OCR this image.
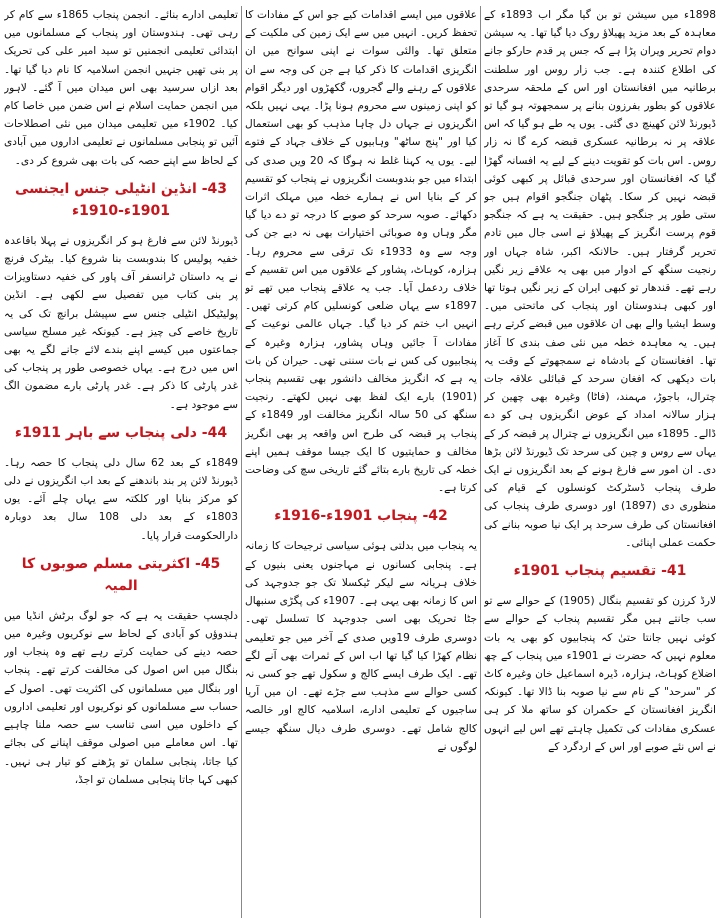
1898ء میں سیشن تو بن گیا مگر اب 1893ء کے معاہدہ کے بعد مزید پھیلاؤ روک دیا گیا تھا۔ یہ سیشن دوام تحریر ویران پڑا ہے کہ جس پر قدم حارکو جانے کی اطلاع کنندہ ہے۔ جب زار روس اور سلطنت برطانیہ میں افغانستان اور اس کے ملحقہ سرحدی علاقوں کو بطور بفرزون بنانے پر سمجھوتہ ہو گیا تو ڈیورنڈ لائن کھینچ دی گئی۔ یوں یہ طے ہو گیا کہ اس علاقہ پر نہ برطانیہ عسکری قبضہ کرے گا نہ زار روس۔ اس بات کو تقویت دینے کے لیے یہ افسانہ گھڑا گیا کہ افغانستان اور سرحدی قبائل پر کبھی کوئی قبضہ نہیں کر سکا۔ پٹھان جنگجو اقوام ہیں جو ستی طور پر جنگجو ہیں۔ حقیقت یہ ہے کہ جنگجو قوم پرست انگریز کے پھیلاؤ نے اسی جال میں تادم تحریر گرفتار ہیں۔ حالانکہ اکبر، شاہ جہاں اور رنجیت سنگھ کے ادوار میں بھی یہ علاقے زیر نگیں رہے تھے۔ قندھار تو کبھی ایران کے زیر نگیں ہوتا تھا اور کبھی ہندوستان اور پنجاب کی ماتحتی میں۔ وسط ایشیا والے بھی ان علاقوں میں قبضے کرتے رہے ہیں۔ یہ معاہدہ خطہ میں نئی صف بندی کا آغاز تھا۔ افغانستان کے بادشاہ نے سمجھوتے کے وقت یہ بات دیکھی کہ افغان سرحد کے قبائلی علاقہ جات چترال، باجوڑ، مہمند، (فاٹا) وغیرہ بھی چھین کر ہزار سالانہ امداد کے عوض انگریزوں ہی کو دے ڈالے۔ 1895ء میں انگریزوں نے چترال پر قبضہ کر کے یہاں سے روس و چین کی سرحد تک ڈیورنڈ لائن بڑھا دی۔ ان امور سے فارغ ہونے کے بعد انگریزوں نے ایک طرف پنجاب ڈسٹرکٹ کونسلوں کے قیام کی منظوری دی (1897) اور دوسری طرف پنجاب کی افغانستان کی طرف سرحد پر ایک نیا صوبہ بنانے کی حکمت عملی اپنائی۔

41- تقسیم پنجاب 1901ء

لارڈ کرزن کو تقسیم بنگال (1905) کے حوالے سے تو سب جانتے ہیں مگر تقسیم پنجاب کے حوالے سے کوئی نہیں جانتا حتیٰ کہ پنجابیوں کو بھی یہ بات معلوم نہیں کہ حضرت نے 1901ء میں پنجاب کے چھ اضلاع کوہاٹ، ہزارہ، ڈیرہ اسماعیل خان وغیرہ کاٹ کر "سرحد" کے نام سے نیا صوبہ بنا ڈالا تھا۔ کیونکہ انگریز افغانستان کے حکمران کو ساتھ ملا کر ہی عسکری مفادات کی تکمیل چاہتے تھے اس لیے انہوں نے اس نئے صوبے اور اس کے اردگرد کے

علاقوں میں ایسے اقدامات کیے جو اس کے مفادات کا تحفظ کریں۔ انہیں میں سے ایک زمین کی ملکیت کے متعلق تھا۔ والئی سوات نے اپنی سوانح میں ان انگریزی اقدامات کا ذکر کیا ہے جن کی وجہ سے ان علاقوں کے رہنے والے گجروں، گکھڑوں اور دیگر اقوام کو اپنی زمینوں سے محروم ہونا پڑا۔ یہی نہیں بلکہ انگریزوں نے جہاں دل چاہا مذہب کو بھی استعمال کیا اور "پنج ساٹھ" وہابیوں کے خلاف جہاد کے فتوے لیے۔ یوں یہ کہنا غلط نہ ہوگا کہ 20 ویں صدی کی ابتداء میں جو بندوبست انگریزوں نے پنجاب کو تقسیم کر کے بنایا اس نے ہمارے خطہ میں مہلک اثرات دکھائے۔ صوبہ سرحد کو صوبے کا درجہ تو دے دیا گیا مگر وہاں وہ صوبائی اختیارات بھی نہ دیے جن کی وجہ سے وہ 1933ء تک ترقی سے محروم رہا۔ ہزارہ، کوہاٹ، پشاور کے علاقوں میں اس تقسیم کے خلاف ردعمل آیا۔ جب یہ علاقے پنجاب میں تھے تو 1897ء سے یہاں ضلعی کونسلیں کام کرتی تھیں۔ انہیں اب ختم کر دیا گیا۔ جہاں عالمی نوعیت کے مفادات آ جائیں وہاں پشاور، ہزارہ وغیرہ کے پنجابیوں کی کس نے بات سننی تھی۔ حیران کن بات یہ ہے کہ انگریز مخالف دانشور بھی تقسیم پنجاب (1901) بارے ایک لفظ بھی نہیں لکھتے۔ رنجیت سنگھ کی 50 سالہ انگریز مخالفت اور 1849ء کے پنجاب پر قبضہ کی طرح اس واقعہ پر بھی انگریز مخالف و حمایتیوں کا ایک جیسا موقف ہمیں اپنے خطہ کی تاریخ بارے بتائے گئے تاریخی سچ کی وضاحت کرتا ہے۔

42- پنجاب 1901ء-1916ء

یہ پنجاب میں بدلتی ہوئی سیاسی ترجیحات کا زمانہ ہے۔ پنجابی کسانوں نے مہاجنوں یعنی بنیوں کے خلاف ہریانہ سے لیکر ٹیکسلا تک جو جدوجہد کی اس کا زمانہ بھی یہی ہے۔ 1907ء کی پگڑی سنبھال جٹا تحریک بھی اسی جدوجہد کا تسلسل تھی۔ دوسری طرف 19ویں صدی کے آخر میں جو تعلیمی نظام کھڑا کیا گیا تھا اب اس کے ثمرات بھی آنے لگے تھے۔ ایک طرف ایسے کالج و سکول تھے جو کسی نہ کسی حوالے سے مذہب سے جڑے تھے۔ ان میں آریا ساجیوں کے تعلیمی ادارے، اسلامیہ کالج اور خالصہ کالج شامل تھے۔ دوسری طرف دیال سنگھ جیسے لوگوں نے

تعلیمی ادارے بنائے۔ انجمن پنجاب 1865ء سے کام کر رہی تھی۔ ہندوستان اور پنجاب کے مسلمانوں میں ابتدائی تعلیمی انجمنیں تو سید امیر علی کی تحریک پر بنی تھیں جنہیں انجمن اسلامیہ کا نام دیا گیا تھا۔ بعد ازاں سرسید بھی اس میدان میں آ گئے۔ لاہور میں انجمن حمایت اسلام نے اس ضمن میں خاصا کام کیا۔ 1902ء میں تعلیمی میدان میں نئی اصطلاحات آئیں تو پنجابی مسلمانوں نے تعلیمی اداروں میں آبادی کے لحاظ سے اپنے حصہ کی بات بھی شروع کر دی۔

43- انڈین انٹیلی جنس ایجنسی 1901ء-1910ء

ڈیورنڈ لائن سے فارغ ہو کر انگریزوں نے پہلا باقاعدہ خفیہ پولیس کا بندوبست بنا شروع کیا۔ بیٹرک فرنچ نے یہ داستان ٹرانسفر آف پاور کی خفیہ دستاویزات پر بنی کتاب میں تفصیل سے لکھی ہے۔ انڈین پولیٹیکل انٹیلی جنس سے سپیشل برانچ تک کی یہ تاریخ خاصے کی چیز ہے۔ کیونکہ غیر مسلح سیاسی جماعتوں میں کیسے اپنے بندے لائے جانے لگے یہ بھی اس میں درج ہے۔ یہاں خصوصی طور پر پنجاب کی غدر پارٹی کا ذکر ہے۔ غدر پارٹی بارے مضمون الگ سے موجود ہے۔

44- دلی پنجاب سے باہر 1911ء

1849ء کے بعد 62 سال دلی پنجاب کا حصہ رہا۔ ڈیورنڈ لائن پر بند باندھنے کے بعد اب انگریزوں نے دلی کو مرکز بنایا اور کلکتہ سے یہاں چلے آئے۔ یوں 1803ء کے بعد دلی 108 سال بعد دوبارہ دارالحکومت قرار پایا۔

45- اکثریتی مسلم صوبوں کا المیہ

دلچسپ حقیقت یہ ہے کہ جو لوگ برٹش انڈیا میں ہندوؤں کو آبادی کے لحاظ سے نوکریوں وغیرہ میں حصہ دینے کی حمایت کرتے رہے تھے وہ پنجاب اور بنگال میں اس اصول کی مخالفت کرتے تھے۔ پنجاب اور بنگال میں مسلمانوں کی اکثریت تھی۔ اصول کے حساب سے مسلمانوں کو نوکریوں اور تعلیمی اداروں کے داخلوں میں اسی تناسب سے حصہ ملنا چاہیے تھا۔ اس معاملے میں اصولی موقف اپنانے کی بجائے کیا جاتا، پنجابی سلمان تو پڑھنے کو تیار ہی نہیں۔ کبھی کہا جاتا پنجابی مسلمان تو اجڈ،
